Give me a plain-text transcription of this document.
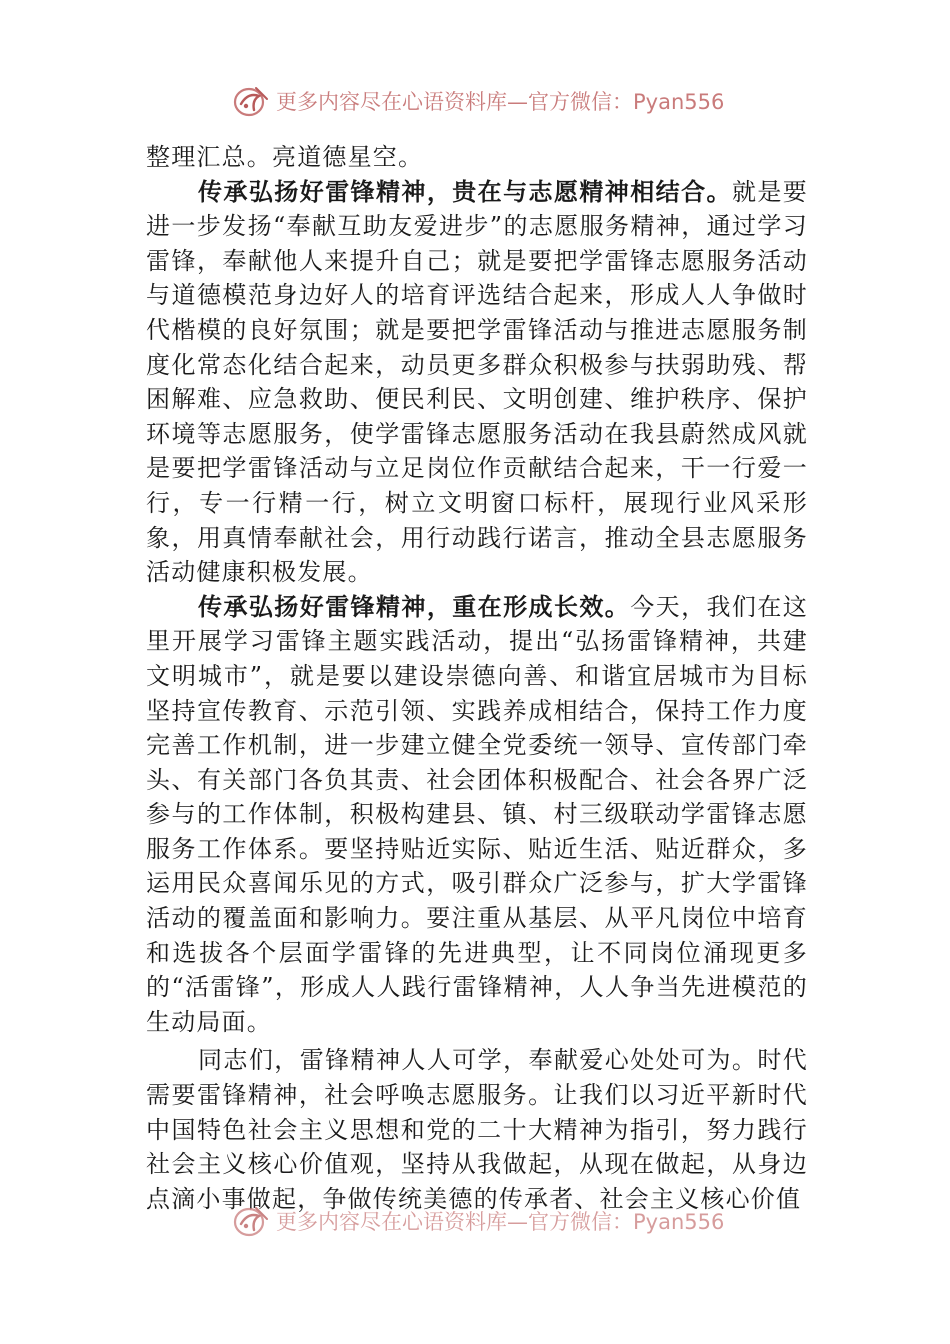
更多内容尽在心语资料库—官方微信：Pyan556

整理汇总。亮道德星空。

传承弘扬好雷锋精神，贵在与志愿精神相结合。就是要进一步发扬“奉献互助友爱进步”的志愿服务精神，通过学习雷锋，奉献他人来提升自己；就是要把学雷锋志愿服务活动与道德模范身边好人的培育评选结合起来，形成人人争做时代楷模的良好氛围；就是要把学雷锋活动与推进志愿服务制度化常态化结合起来，动员更多群众积极参与扶弱助残、帮困解难、应急救助、便民利民、文明创建、维护秩序、保护环境等志愿服务，使学雷锋志愿服务活动在我县蔚然成风就是要把学雷锋活动与立足岗位作贡献结合起来，干一行爱一行，专一行精一行，树立文明窗口标杆，展现行业风采形象，用真情奉献社会，用行动践行诺言，推动全县志愿服务活动健康积极发展。

传承弘扬好雷锋精神，重在形成长效。今天，我们在这里开展学习雷锋主题实践活动，提出“弘扬雷锋精神，共建文明城市”，就是要以建设崇德向善、和谐宜居城市为目标坚持宣传教育、示范引领、实践养成相结合，保持工作力度完善工作机制，进一步建立健全党委统一领导、宣传部门牵头、有关部门各负其责、社会团体积极配合、社会各界广泛参与的工作体制，积极构建县、镇、村三级联动学雷锋志愿服务工作体系。要坚持贴近实际、贴近生活、贴近群众，多运用民众喜闻乐见的方式，吸引群众广泛参与，扩大学雷锋活动的覆盖面和影响力。要注重从基层、从平凡岗位中培育和选拔各个层面学雷锋的先进典型，让不同岗位涌现更多的“活雷锋”，形成人人践行雷锋精神，人人争当先进模范的生动局面。

同志们，雷锋精神人人可学，奉献爱心处处可为。时代需要雷锋精神，社会呼唤志愿服务。让我们以习近平新时代中国特色社会主义思想和党的二十大精神为指引，努力践行社会主义核心价值观，坚持从我做起，从现在做起，从身边点滴小事做起，争做传统美德的传承者、社会主义核心价值

更多内容尽在心语资料库—官方微信：Pyan556
